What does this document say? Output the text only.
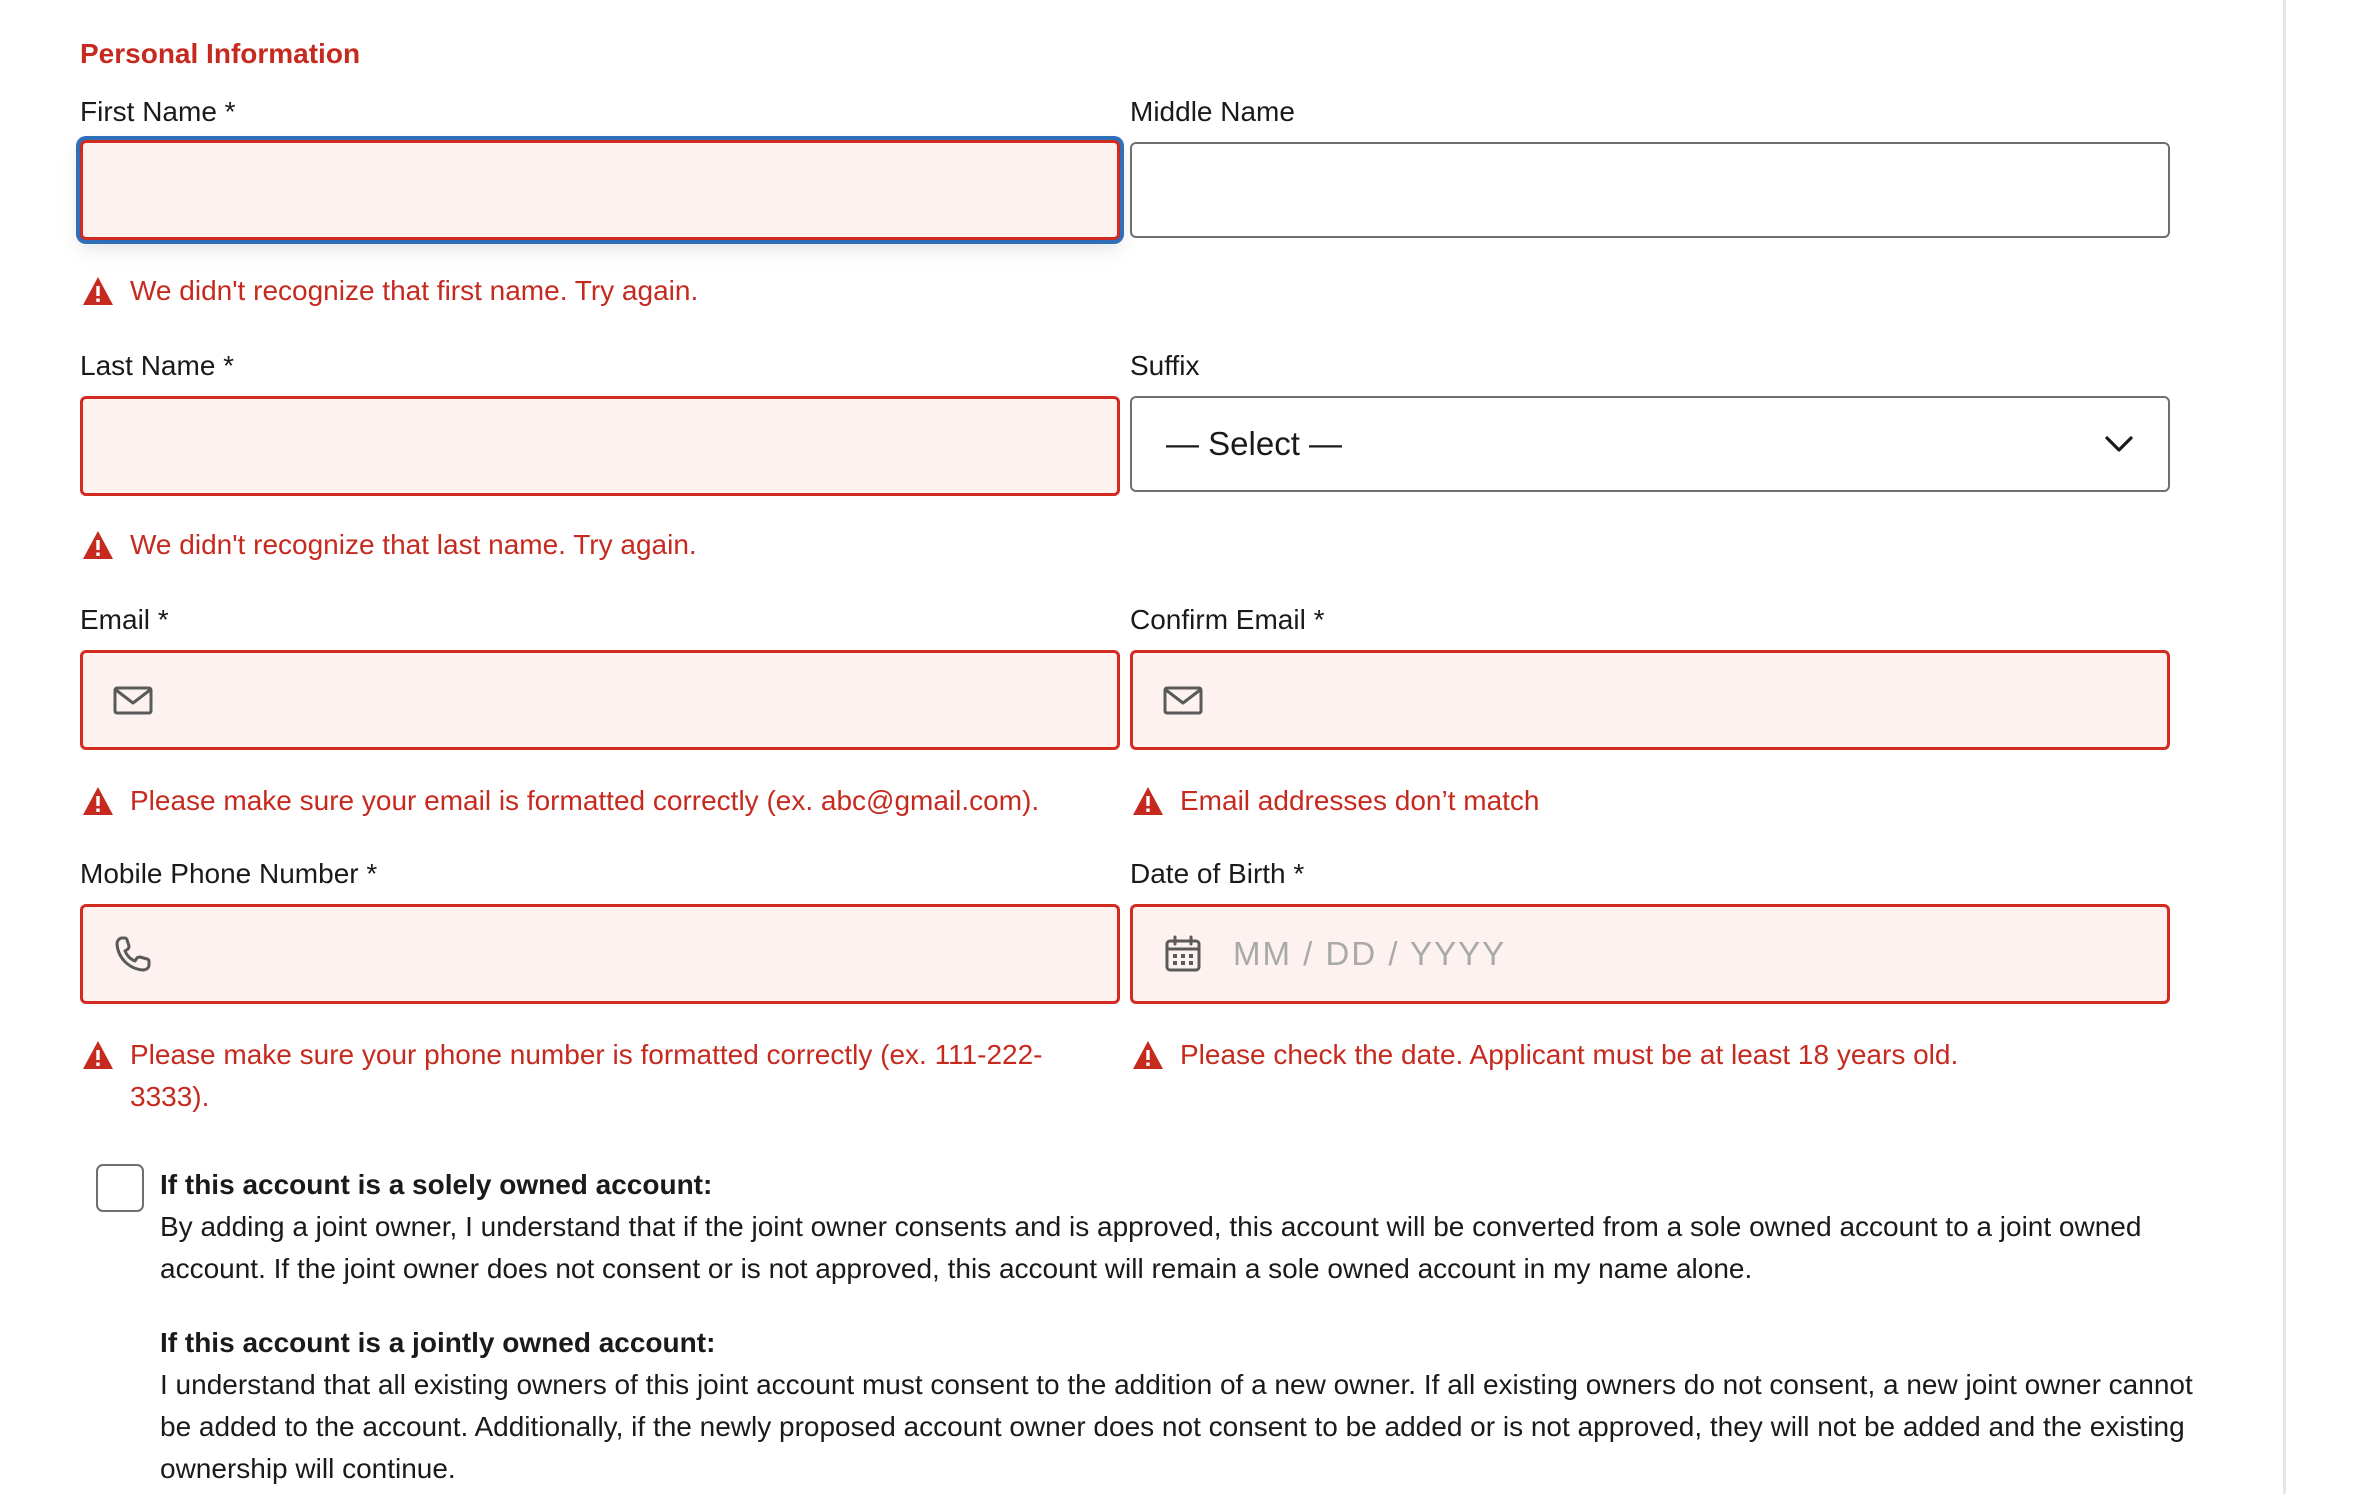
Personal Information
First Name *
We didn't recognize that first name. Try again.
Middle Name
Last Name *
We didn't recognize that last name. Try again.
Suffix
— Select —
Email *
Please make sure your email is formatted correctly (ex. abc@gmail.com).
Confirm Email *
Email addresses don’t match
Mobile Phone Number *
Please make sure your phone number is formatted correctly (ex. 111-222-3333).
Date of Birth *
MM / DD / YYYY
Please check the date. Applicant must be at least 18 years old.
If this account is a solely owned account:
By adding a joint owner, I understand that if the joint owner consents and is approved, this account will be converted from a sole owned account to a joint owned account. If the joint owner does not consent or is not approved, this account will remain a sole owned account in my name alone.
If this account is a jointly owned account:
I understand that all existing owners of this joint account must consent to the addition of a new owner. If all existing owners do not consent, a new joint owner cannot be added to the account. Additionally, if the newly proposed account owner does not consent to be added or is not approved, they will not be added and the existing ownership will continue.
